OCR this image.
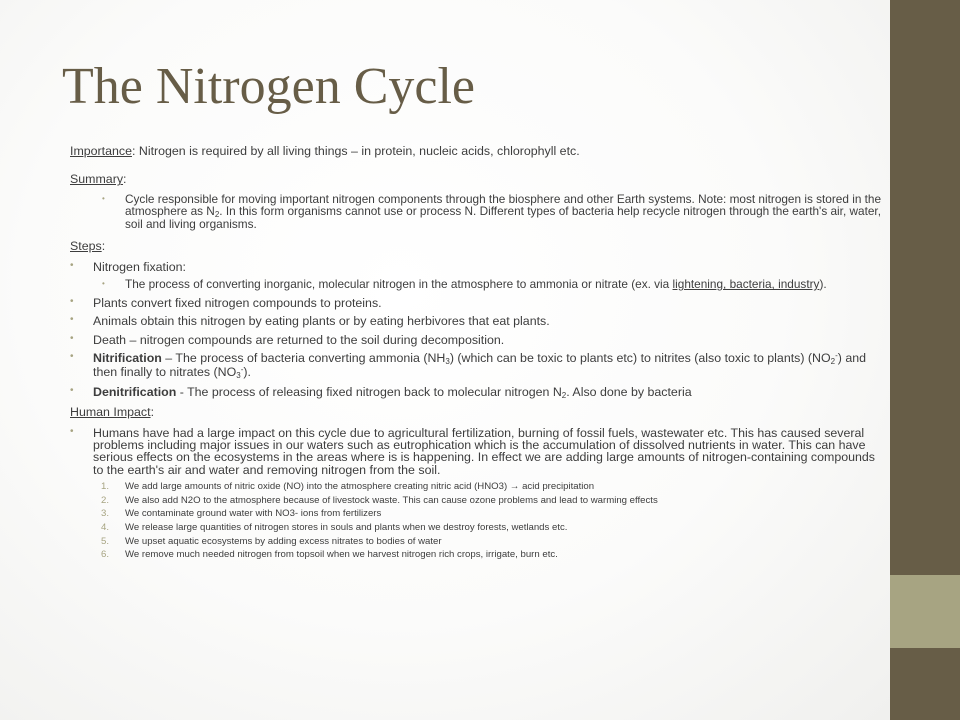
The Nitrogen Cycle

Importance: Nitrogen is required by all living things – in protein, nucleic acids, chlorophyll etc.

Summary:

• Cycle responsible for moving important nitrogen components through the biosphere and other Earth systems. Note: most nitrogen is stored in the atmosphere as $N_2$. In this form organisms cannot use or process N. Different types of bacteria help recycle nitrogen through the earth's air, water, soil and living organisms.

Steps:

• Nitrogen fixation:
• The process of converting inorganic, molecular nitrogen in the atmosphere to ammonia or nitrate (ex. via lightening, bacteria, industry).
• Plants convert fixed nitrogen compounds to proteins.
• Animals obtain this nitrogen by eating plants or by eating herbivores that eat plants.
• Death – nitrogen compounds are returned to the soil during decomposition.
• Nitrification – The process of bacteria converting ammonia $(NH_3)$ (which can be toxic to plants etc) to nitrites (also toxic to plants) $(NO_2^-)$ and then finally to nitrates $(NO_3^-)$.
• Denitrification - The process of releasing fixed nitrogen back to molecular nitrogen $N_2$. Also done by bacteria

Human Impact:

• Humans have had a large impact on this cycle due to agricultural fertilization, burning of fossil fuels, wastewater etc. This has caused several problems including major issues in our waters such as eutrophication which is the accumulation of dissolved nutrients in water. This can have serious effects on the ecosystems in the areas where is is happening. In effect we are adding large amounts of nitrogen-containing compounds to the earth's air and water and removing nitrogen from the soil.
1.	We add large amounts of nitric oxide (NO) into the atmosphere creating nitric acid (HNO3) → acid precipitation
2.	We also add N2O to the atmosphere because of livestock waste. This can cause ozone problems and lead to warming effects
3.	We contaminate ground water with NO3- ions from fertilizers
4.	We release large quantities of nitrogen stores in souls and plants when we destroy forests, wetlands etc.
5.	We upset aquatic ecosystems by adding excess nitrates to bodies of water
6.	We remove much needed nitrogen from topsoil when we harvest nitrogen rich crops, irrigate, burn etc.
